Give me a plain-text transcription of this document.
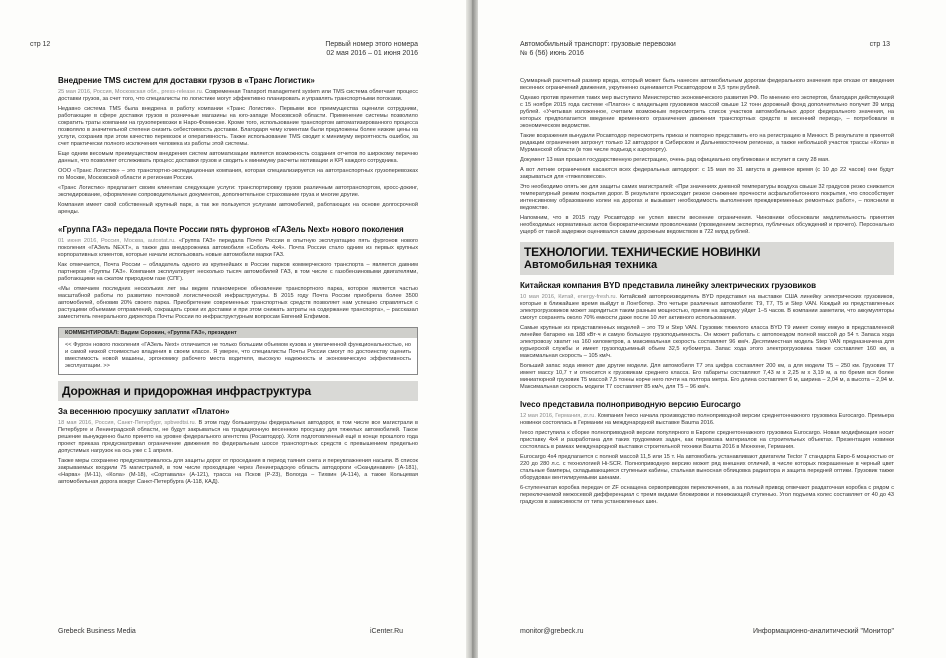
стр 12	Первый номер этого номера
02 мая 2016 – 01 июня 2016
Внедрение TMS систем для доставки грузов в «Транс Логистик»

25 мая 2016, Россия, Московская обл., press-release.ru. Современная Transport management system или TMS система облегчает процесс доставки грузов, за счет того, что специалисты по логистике могут эффективно планировать и управлять транспортными потоками.

Недавно система TMS была внедрена в работу компании «Транс Логистик». Первыми все преимущества оценили сотрудники, работающие в сфере доставки грузов в розничные магазины на юго-западе Московской области. Применение системы позволило сократить траты компании на грузоперевозки в Наро-Фоминске. Кроме того, использование транспортом автоматизированного процесса позволяло в значительной степени снизить себестоимость доставки. Благодаря чему клиентам были предложены более низкие цены на услуги, сохранив при этом качество перевозок и оперативность. Также использование TMS сводит к минимуму вероятность ошибок, за счет практически полного исключения человека из работы этой системы.

Еще одним весомым преимуществом внедрения систем автоматизации является возможность создания отчетов по широкому перечню данных, что позволяет отслеживать процесс доставки грузов и сводить к минимуму расчеты мотивации и KPI каждого сотрудника.

ООО «Транс Логистик» – это транспортно-экспедиционная компания, которая специализируется на автотранспортных грузоперевозках по Москве, Московской области и регионам России.

«Транс Логистик» предлагает своим клиентам следующие услуги: транспортировку грузов различным автотранспортом, кросс-докинг, экспедирование, оформление сопроводительных документов, дополнительное страхование груза и многие другие.

Компания имеет свой собственный крупный парк, а так же пользуется услугами автомобилей, работающих на основе долгосрочной аренды.

«Группа ГАЗ» передала Почте России пять фургонов «ГАЗель Next» нового поколения

01 июня 2016, Россия, Москва, autostat.ru. «Группа ГАЗ» передала Почте России в опытную эксплуатацию пять фургонов нового поколения «ГАЗель NEXT», а также два внедорожника автомобиля «Соболь 4x4». Почта России стало одним из первых крупных корпоративных клиентов, которые начали использовать новые автомобили марки ГАЗ.

Как отмечается, Почта России – обладатель одного из крупнейших в России парков коммерческого транспорта – является давним партнером «Группы ГАЗ». Компания эксплуатирует несколько тысяч автомобилей ГАЗ, в том числе с газобензиновыми двигателями, работающими на сжатом природном газе (СПГ).

«Мы отмечаем последних нескольких лет мы ведем планомерное обновление транспортного парка, которое является частью масштабной работы по развитию почтовой логистической инфраструктуры. В 2015 году Почта России приобрела более 3500 автомобилей, обновив 20% своего парка. Приобретение современных транспортных средств позволяет нам успешно справляться с растущими объемами отправлений, сокращать сроки их доставки и при этом снижать затраты на содержание транспорта», – рассказал заместитель генерального директора Почты России по инфраструктурным вопросам Евгений Елфимов.

КОММЕНТИРОВАЛ: Вадим Сорокин, «Группа ГАЗ», президент

<< Фургон нового поколения «ГАЗель Next» отличается не только большим объемом кузова и увеличенной функциональностью, но и самой низкой стоимостью владения в своем классе. Я уверен, что специалисты Почты России смогут по достоинству оценить вместимость новой машины, эргономику рабочего места водителя, высокую надежность и экономическую эффективность эксплуатации. >>

Дорожная и придорожная инфраструктура
За весеннюю просушку заплатит «Платон»

18 мая 2016, Россия, Санкт-Петербург, spbvedtsi.ru. В этом году большегрузы федеральных автодорог, в том числе все магистрали в Петербурге и Ленинградской области, не будут закрываться на традиционную весеннюю просушку для тяжелых автомобилей. Такое решение вынужденно было принято на уровне федерального агентства (Росавтодор). Хотя подготовленный ещё в конце прошлого года проект приказа предусматривал ограничение движения по федеральным шоссе транспортных средств с превышением предельно допустимых нагрузок на ось уже с 1 апреля.

Также меры сохранено предусматривалось для защиты дорог от проседания в период таяния снега и переувлажнения насыпи. В список закрываемых входили 75 магистралей, в том числе проходящие через Ленинградскую область автодороги «Скандинавия» (А-181), «Нарва» (М-11), «Кола» (М-18), «Сортавала» (А-121), трасса на Псков (Р-23), Вологда – Тихвин (А-114), а также Кольцевая автомобильная дорога вокруг Санкт-Петербурга (А-118, КАД).

Grebeck Business Media	iCenter.Ru
Автомобильный транспорт: грузовые перевозки
№ 6 (56) июнь 2016
стр 13

Суммарный расчетный размер вреда, который может быть нанесен автомобильным дорогам федерального значения при отказе от введения весенних ограничений движения, укрупненно оценивается Росавтодором в 3,5 трлн рублей.

Однако против принятия таких мер выступило Министерство экономического развития РФ. По мнению его экспертов, благодаря действующей с 15 ноября 2015 года системе «Платон» с владельцев грузовиков массой свыше 12 тонн дорожный фонд дополнительно получит 39 млрд рублей. «Учитывая изложенное, считаем возможным пересмотреть список участков автомобильных дорог федерального значения, на которых предполагается введение временного ограничения движения транспортных средств в весенний период», – потребовали в экономическом ведомстве.

Такие возражения вынудили Росавтодор пересмотреть приказ и повторно представить его на регистрацию в Минюст. В результате в принятой редакции ограничения затронут только 12 автодорог в Сибирском и Дальневосточном регионах, а также небольшой участок трассы «Кола» в Мурманской области (в том числе подъезд к аэропорту).

Документ 13 мая прошел государственную регистрацию, очень рад официально опубликован и вступит в силу 28 мая.

А вот летние ограничения касаются всех федеральных автодорог: с 15 мая по 31 августа в дневное время (с 10 до 22 часов) они будут закрываться для «тяжеловесов».

Это необходимо опять же для защиты самих магистралей: «При значениях дневной температуры воздуха свыше 32 градусов резко снижается температурный режим покрытия дорог. В результате происходит резкое снижение прочности асфальтобетонного покрытия, что способствует интенсивному образованию колеи на дорогах и вызывает необходимость выполнения преждевременных ремонтных работ», – пояснили в ведомстве.

Напомним, что в 2015 году Росавтодор не успел ввести весенние ограничения. Чиновники обосновали медлительность принятия необходимых нормативных актов бюрократическими проволочками (проведением экспертиз, публичных обсуждений и прочего). Персонально ущерб от такой задержки оценивался самим дорожным ведомством в 722 млрд рублей.

ТЕХНОЛОГИИ. ТЕХНИЧЕСКИЕ НОВИНКИ
Автомобильная техника
Китайская компания BYD представила линейку электрических грузовиков

10 мая 2016, Китай, energy-fresh.ru. Китайский автопроизводитель BYD представил на выставке США линейку электрических грузовиков, которые в ближайшее время выйдут в Лонгботер. Это четыре различных автомобиля: T9, T7, T5 и Step VAN. Каждый из представленных электрогрузовиков может зарядиться таким разным мощностью, приняв на зарядку уйдет 1–5 часов. В компании заметили, что аккумуляторы смогут сохранять около 70% емкости даже после 10 лет активного использования.

Самые крупные из представленных моделей – это T9 и Step VAN. Грузовик тяжелого класса BYD T9 имеет схему емкую в представленной линейке батарею на 188 кВт·ч и самую большую грузоподъемность. Он может работать с автопоездом полной массой до 54 т. Запаса хода электровозу хватит на 160 километров, а максимальная скорость составляет 96 км/ч. Десятиместная модель Step VAN предназначена для курьерской службы и имеет грузоподъемный объем 32,5 кубометра. Запас хода этого электрогрузовика также составляет 160 км, а максимальная скорость – 105 км/ч.

Больший запас хода имеют две другие модели. Для автомобиля T7 эта цифра составляет 200 км, а для модели T5 – 250 км. Грузовик T7 имеет массу 10,7 т и относится к грузовикам среднего класса. Его габариты составляют 7,43 м x 2,25 м x 3,19 м, а по бремя вся более миниатюрной грузовик T5 массой 7,5 тонны корче него почти на полтора метра. Его длина составляет 6 м, ширина – 2,04 м, а высота – 2,94 м. Максимальная скорость модели T7 составляет 85 км/ч, для T5 – 96 км/ч.

Iveco представила полноприводную версию Eurocargo

12 мая 2016, Германия, zr.ru. Компания Iveco начала производство полноприводной версии среднетоннажного грузовика Eurocargo. Премьера новинки состоялась в Германии на международной выставке Bauma 2016.

Iveco приступила к сборке полноприводной версии популярного в Европе среднетоннажного грузовика Eurocargo. Новая модификация носит приставку 4x4 и разработана для таких трудоемких задач, как перевозка материалов на строительных объектах. Презентация новинки состоялась в рамках международной выставки строительной техники Bauma 2016 в Мюнхене, Германия.

Eurocargo 4x4 предлагается с полной массой 11,5 или 15 т. На автомобиль устанавливают двигатели Tector 7 стандарта Евро-6 мощностью от 220 до 280 л.с. с технологией Hi-SCR. Полноприводную версию может ряд внешних отличий, в числе которых покрашенные в черный цвет стальные бамперы, складывающиеся ступеньки кабины, стальная выносная облицовка радиатора и защита передней оптики. Грузовик также оборудован вентилируемыми шинами.

6-ступенчатая коробка передач от ZF оснащена сервоприводом переключения, а за полный привод отвечают раздаточная коробка с рядом с переключаемой межосевой дифференциал с тремя видами блокировки и понижающей ступенью. Угол подъема колес составляет от 40 до 43 градусов в зависимости от типа установленных шин.

monitor@grebeck.ru	Информационно-аналитический "Монитор"
